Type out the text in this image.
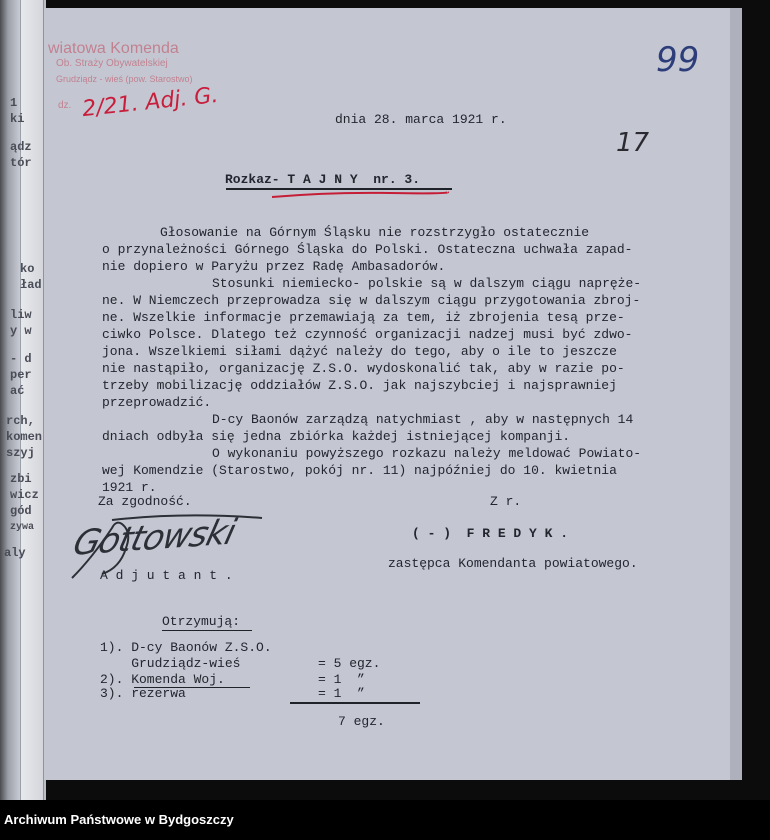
1
ki
ądz
tór
ko
ład
liw
y w
- d
per
ać
rch,
komen
szyj
zbi
wicz
gód
zywa
aly
wiatowa Komenda
Ob. Straży Obywatelskiej
Grudziądz - wieś (pow. Starostwo)
dz. 2/21. Adj. G.
99
17
dnia 28. marca 1921 r.
Rozkaz- T A J N Y  nr. 3.
Głosowanie na Górnym Śląsku nie rozstrzygło ostatecznie
o przynależności Górnego Śląska do Polski. Ostateczna uchwała zapad-
nie dopiero w Paryżu przez Radę Ambasadorów.
Stosunki niemiecko- polskie są w dalszym ciągu napręże-
ne. W Niemczech przeprowadza się w dalszym ciągu przygotowania zbroj-
ne. Wszelkie informacje przemawiają za tem, iż zbrojenia tesą prze-
ciwko Polsce. Dlatego też czynność organizacji nadzej musi być zdwo-
jona. Wszelkiemi siłami dążyć należy do tego, aby o ile to jeszcze
nie nastąpiło, organizację Z.S.O. wydoskonalić tak, aby w razie po-
trzeby mobilizację oddziałów Z.S.O. jak najszybciej i najsprawniej
przeprowadzić.
D-cy Baonów zarządzą natychmiast , aby w następnych 14
dniach odbyła się jedna zbiórka każdej istniejącej kompanji.
O wykonaniu powyższego rozkazu należy meldować Powiato-
wej Komendzie (Starostwo, pokój nr. 11) najpóźniej do 10. kwietnia
1921 r.
Za zgodność.
Gottowski
A d j u t a n t .
Z r.
( - )  F R E D Y K .
zastępca Komendanta powiatowego.
Otrzymują:
1). D-cy Baonów Z.S.O.
Grudziądz-wieś	= 5 egz.
2). Komenda Woj.	= 1  ”
3). rezerwa	= 1  ”
7 egz.
Archiwum Państwowe w Bydgoszczy
